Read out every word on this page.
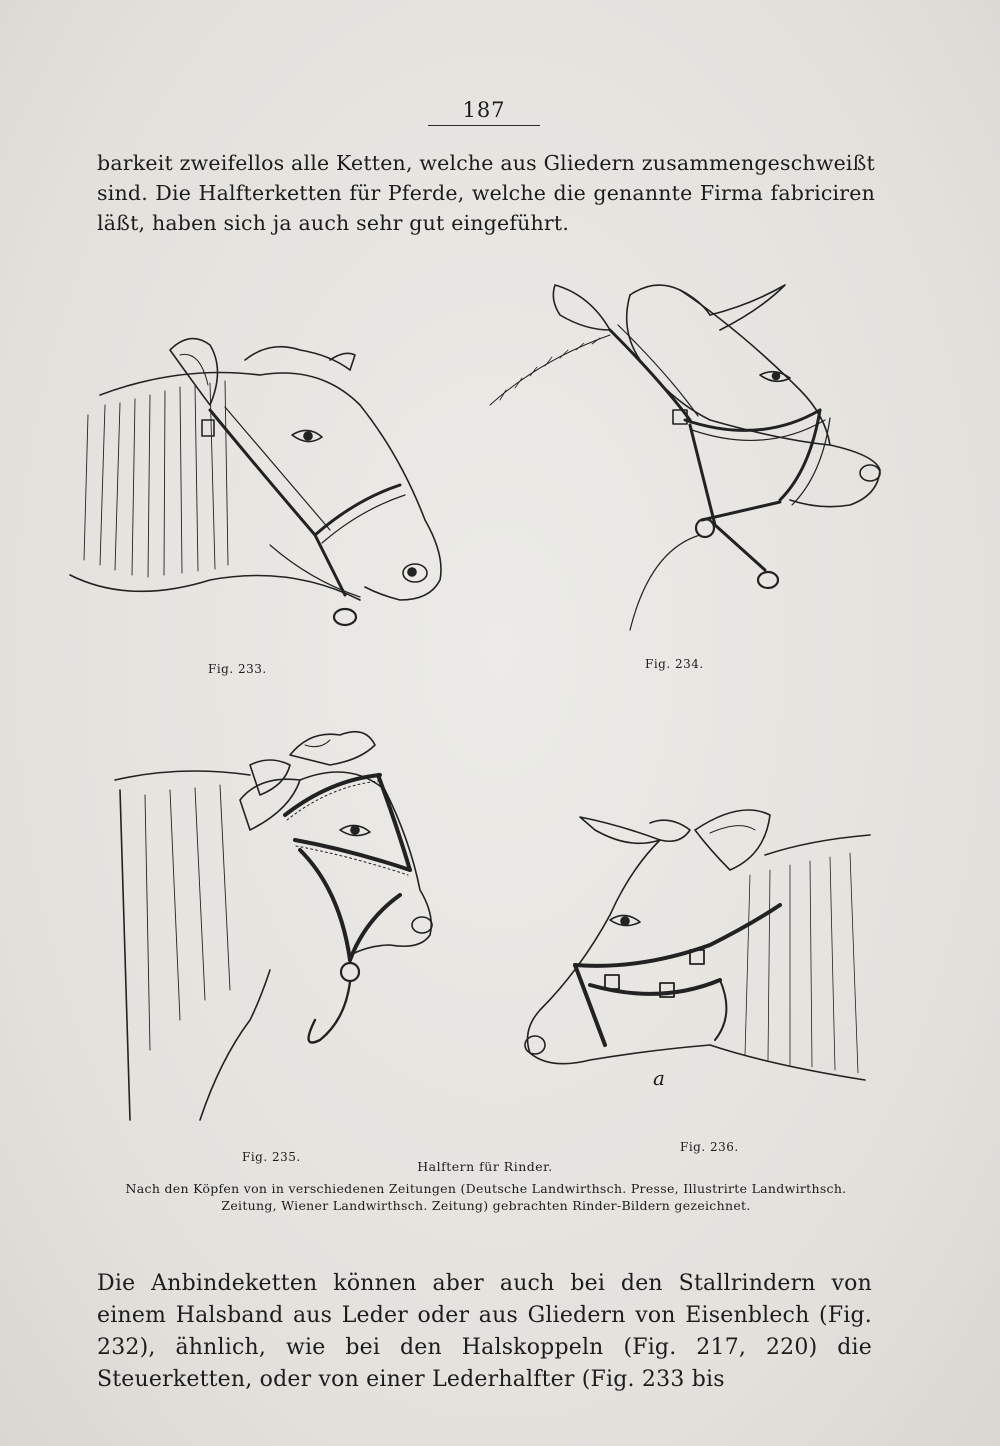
187
barkeit zweifellos alle Ketten, welche aus Gliedern zusammengeschweißt sind. Die Halfterketten für Pferde, welche die genannte Firma fabriciren läßt, haben sich ja auch sehr gut eingeführt.
Fig. 233.	Fig. 234.
Fig. 235.
a
Fig. 236.
Halftern für Rinder.
Nach den Köpfen von in verschiedenen Zeitungen (Deutsche Landwirthsch. Presse, Illustrirte Landwirthsch. Zeitung, Wiener Landwirthsch. Zeitung) gebrachten Rinder-Bildern gezeichnet.
Die Anbindeketten können aber auch bei den Stallrindern von einem Halsband aus Leder oder aus Gliedern von Eisenblech (Fig. 232), ähnlich, wie bei den Halskoppeln (Fig. 217, 220) die Steuerketten, oder von einer Lederhalfter (Fig. 233 bis
